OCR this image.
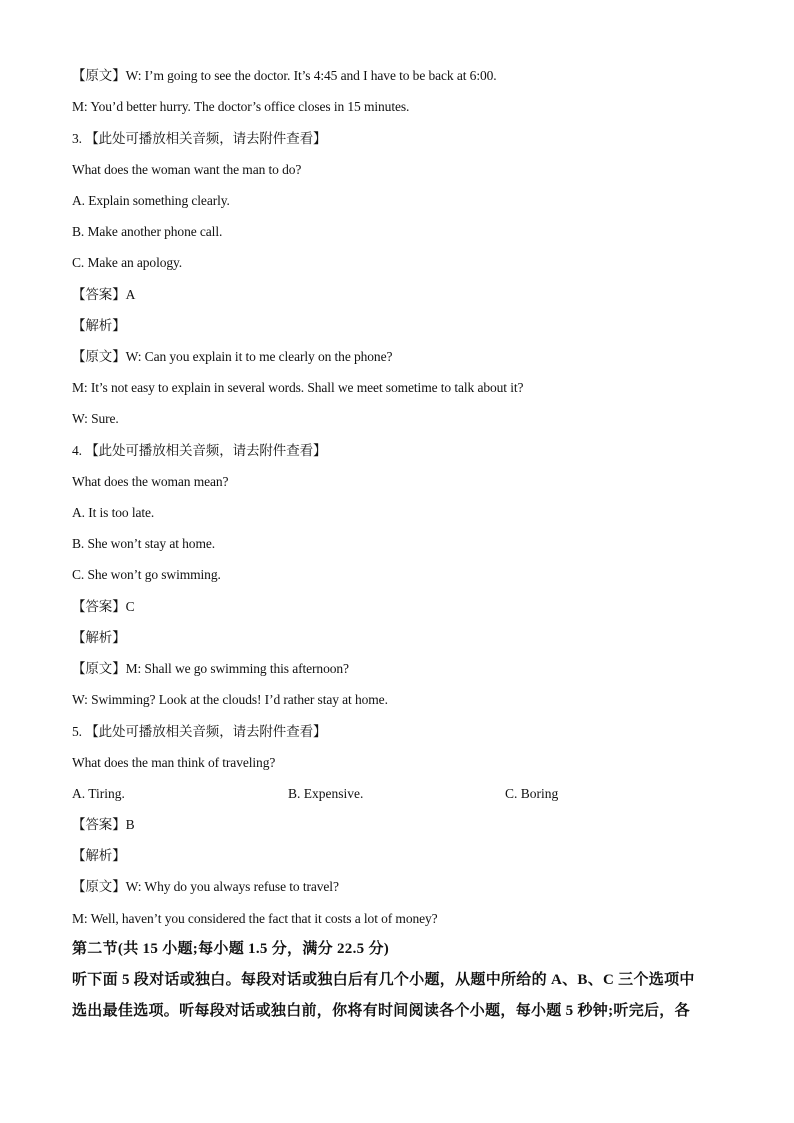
【原文】W: I’m going to see the doctor. It’s 4:45 and I have to be back at 6:00.
M: You’d better hurry. The doctor’s office closes in 15 minutes.
3. 【此处可播放相关音频，请去附件查看】
What does the woman want the man to do?
A. Explain something clearly.
B. Make another phone call.
C. Make an apology.
【答案】A
【解析】
【原文】W: Can you explain it to me clearly on the phone?
M: It’s not easy to explain in several words. Shall we meet sometime to talk about it?
W: Sure.
4. 【此处可播放相关音频，请去附件查看】
What does the woman mean?
A. It is too late.
B. She won’t stay at home.
C. She won’t go swimming.
【答案】C
【解析】
【原文】M: Shall we go swimming this afternoon?
W: Swimming? Look at the clouds! I’d rather stay at home.
5. 【此处可播放相关音频，请去附件查看】
What does the man think of traveling?
A. Tiring.	B. Expensive.	C. Boring
【答案】B
【解析】
【原文】W: Why do you always refuse to travel?
M: Well, haven’t you considered the fact that it costs a lot of money?
第二节(共 15 小题;每小题 1.5 分，满分 22.5 分)
听下面 5 段对话或独白。每段对话或独白后有几个小题，从题中所给的 A、B、C 三个选项中
选出最佳选项。听每段对话或独白前，你将有时间阅读各个小题，每小题 5 秒钟;听完后，各
